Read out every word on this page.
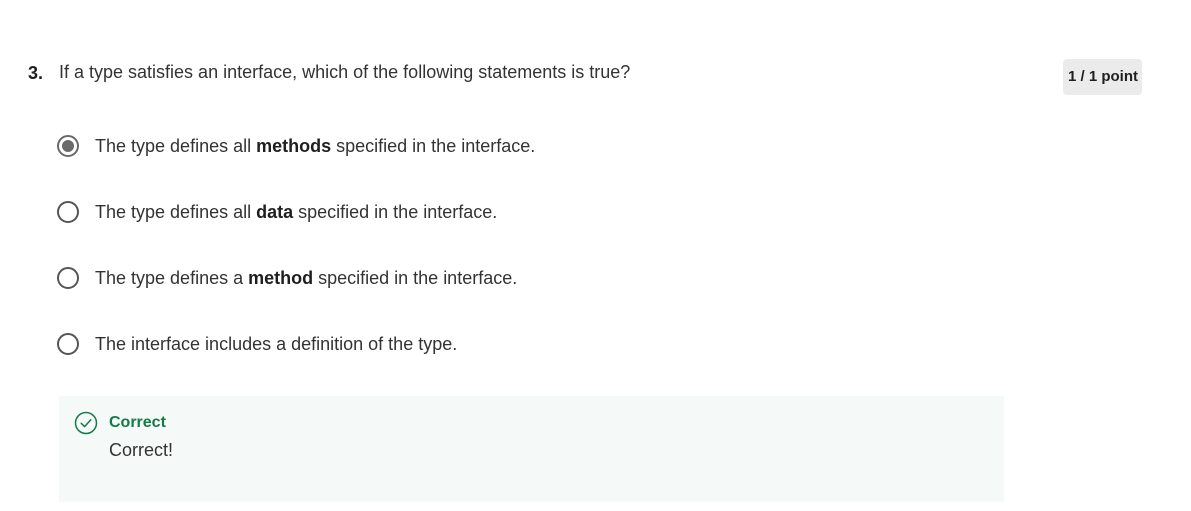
3. If a type satisfies an interface, which of the following statements is true?	1 / 1 point
The type defines all methods specified in the interface.
The type defines all data specified in the interface.
The type defines a method specified in the interface.
The interface includes a definition of the type.
Correct
Correct!
